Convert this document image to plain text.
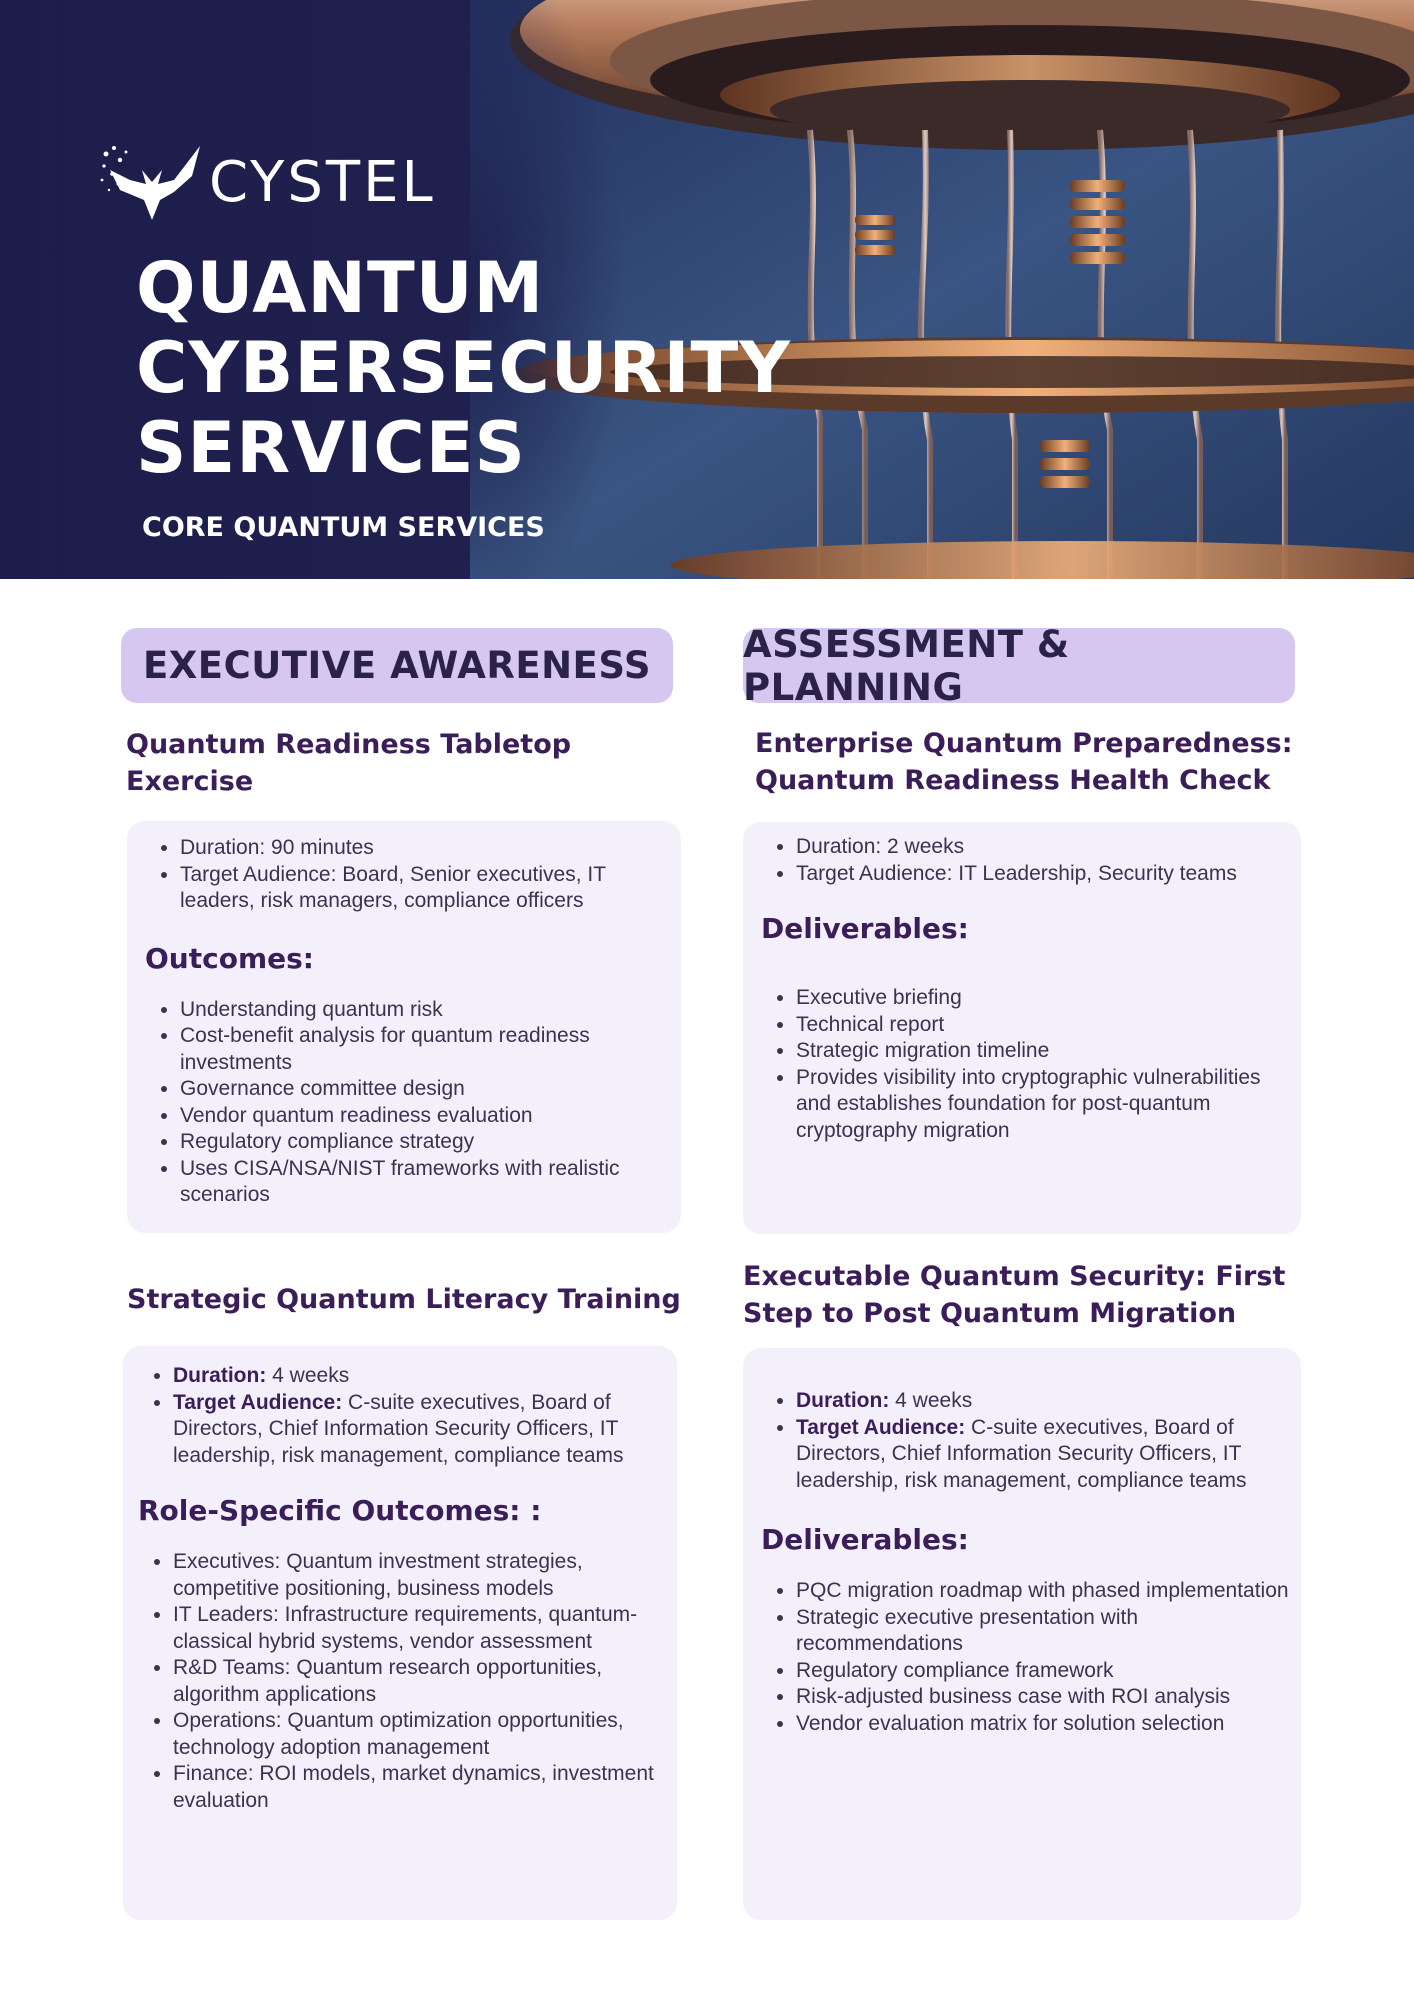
CYSTEL
QUANTUM
CYBERSECURITY
SERVICES
CORE QUANTUM SERVICES
EXECUTIVE AWARENESS	ASSESSMENT & PLANNING
Quantum Readiness Tabletop
Exercise
• Duration: 90 minutes
• Target Audience: Board, Senior executives, IT leaders, risk managers, compliance officers
Outcomes:
• Understanding quantum risk
• Cost-benefit analysis for quantum readiness investments
• Governance committee design
• Vendor quantum readiness evaluation
• Regulatory compliance strategy
• Uses CISA/NSA/NIST frameworks with realistic scenarios
Strategic Quantum Literacy Training
• Duration: 4 weeks
• Target Audience: C-suite executives, Board of Directors, Chief Information Security Officers, IT leadership, risk management, compliance teams
Role-Specific Outcomes: :
• Executives: Quantum investment strategies, competitive positioning, business models
• IT Leaders: Infrastructure requirements, quantum-classical hybrid systems, vendor assessment
• R&D Teams: Quantum research opportunities, algorithm applications
• Operations: Quantum optimization opportunities, technology adoption management
• Finance: ROI models, market dynamics, investment evaluation
Enterprise Quantum Preparedness:
Quantum Readiness Health Check
• Duration: 2 weeks
• Target Audience: IT Leadership, Security teams
Deliverables:
• Executive briefing
• Technical report
• Strategic migration timeline
• Provides visibility into cryptographic vulnerabilities and establishes foundation for post-quantum cryptography migration
Executable Quantum Security: First
Step to Post Quantum Migration
• Duration: 4 weeks
• Target Audience: C-suite executives, Board of Directors, Chief Information Security Officers, IT leadership, risk management, compliance teams
Deliverables:
• PQC migration roadmap with phased implementation
• Strategic executive presentation with recommendations
• Regulatory compliance framework
• Risk-adjusted business case with ROI analysis
• Vendor evaluation matrix for solution selection
